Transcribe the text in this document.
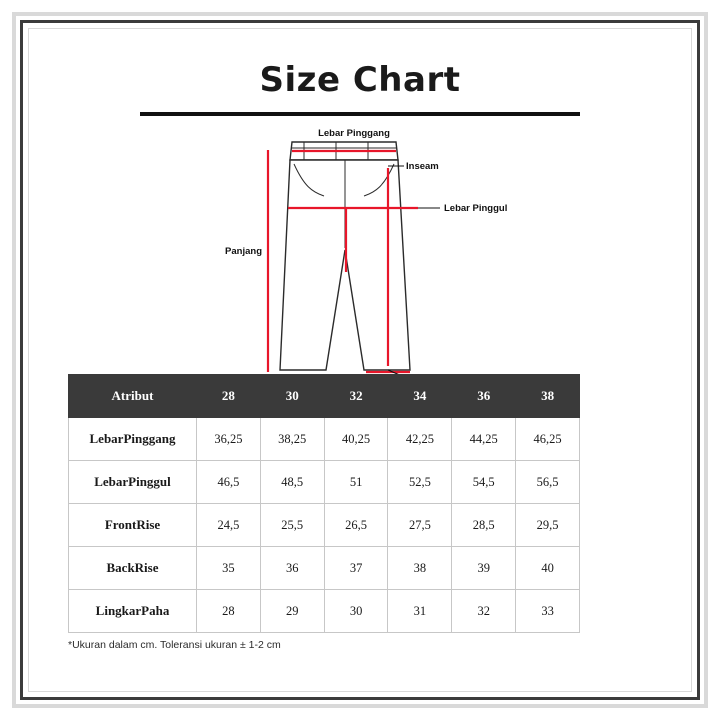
Size Chart
Lebar Pinggang
Inseam
Lebar Pinggul
Panjang
Atribut	28	30	32	34	36	38
LebarPinggang	36,25	38,25	40,25	42,25	44,25	46,25
LebarPinggul	46,5	48,5	51	52,5	54,5	56,5
FrontRise	24,5	25,5	26,5	27,5	28,5	29,5
BackRise	35	36	37	38	39	40
LingkarPaha	28	29	30	31	32	33
*Ukuran dalam cm. Toleransi ukuran ± 1-2 cm
